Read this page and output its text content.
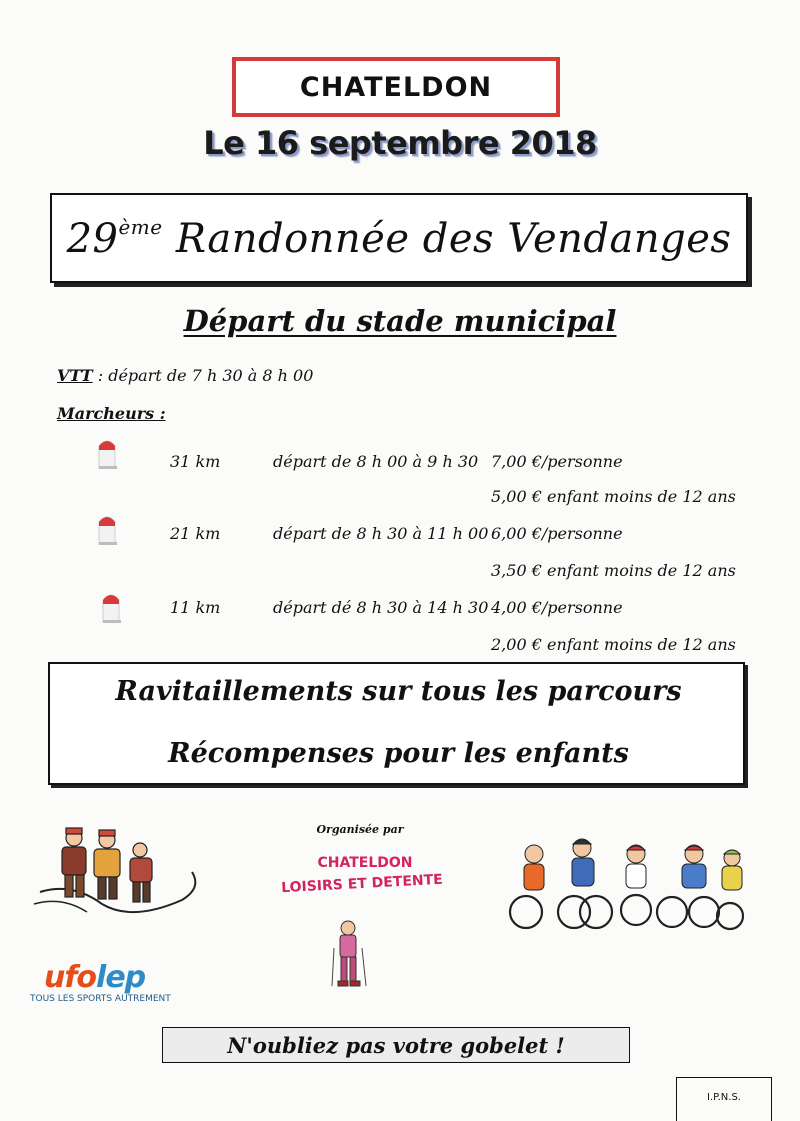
CHATELDON
Le 16 septembre 2018
29ème Randonnée des Vendanges
Départ du stade municipal
VTT : départ de 7 h 30 à 8 h 00
Marcheurs :
31 km	départ de 8 h 00 à 9 h 30 7,00 €/personne
5,00 € enfant moins de 12 ans
21 km	départ de 8 h 30 à 11 h 00 6,00 €/personne
3,50 € enfant moins de 12 ans
11 km	départ dé 8 h 30 à 14 h 30 4,00 €/personne
2,00 € enfant moins de 12 ans
Ravitaillements sur tous les parcours
Récompenses pour les enfants
Organisée par
CHATELDON
LOISIRS ET DETENTE
ufolep
TOUS LES SPORTS AUTREMENT
N'oubliez pas votre gobelet !
I.P.N.S.
